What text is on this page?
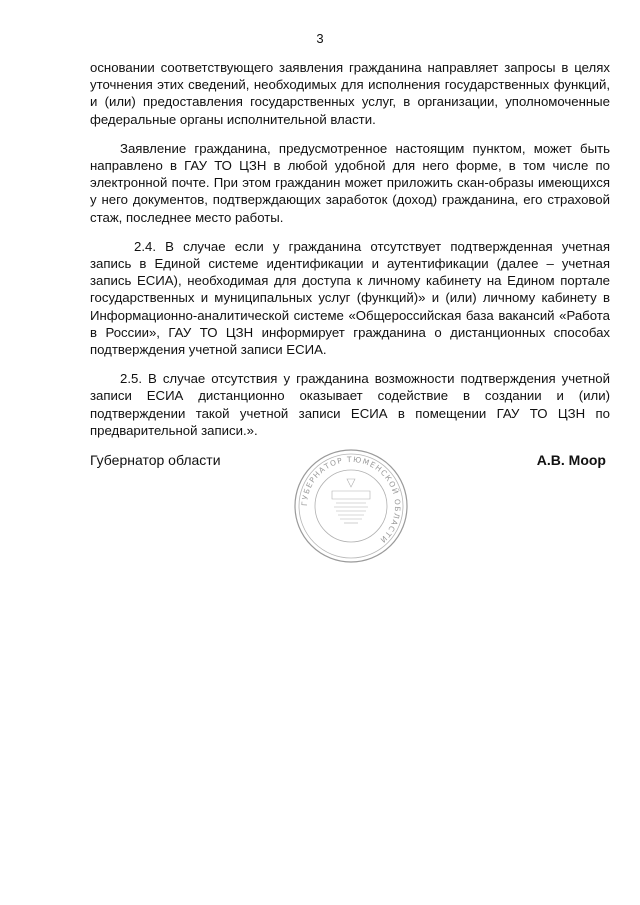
3

основании соответствующего заявления гражданина направляет запросы в целях уточнения этих сведений, необходимых для исполнения государственных функций, и (или) предоставления государственных услуг, в организации, уполномоченные федеральные органы исполнительной власти.

Заявление гражданина, предусмотренное настоящим пунктом, может быть направлено в ГАУ ТО ЦЗН в любой удобной для него форме, в том числе по электронной почте. При этом гражданин может приложить скан-образы имеющихся у него документов, подтверждающих заработок (доход) гражданина, его страховой стаж, последнее место работы.

2.4. В случае если у гражданина отсутствует подтвержденная учетная запись в Единой системе идентификации и аутентификации (далее – учетная запись ЕСИА), необходимая для доступа к личному кабинету на Едином портале государственных и муниципальных услуг (функций)» и (или) личному кабинету в Информационно-аналитической системе «Общероссийская база вакансий «Работа в России», ГАУ ТО ЦЗН информирует гражданина о дистанционных способах подтверждения учетной записи ЕСИА.

2.5. В случае отсутствия у гражданина возможности подтверждения учетной записи ЕСИА дистанционно оказывает содействие в создании и (или) подтверждении такой учетной записи ЕСИА в помещении ГАУ ТО ЦЗН по предварительной записи.».

Губернатор области	А.В. Моор
ГУБЕРНАТОР ТЮМЕНСКОЙ ОБЛАСТИ
